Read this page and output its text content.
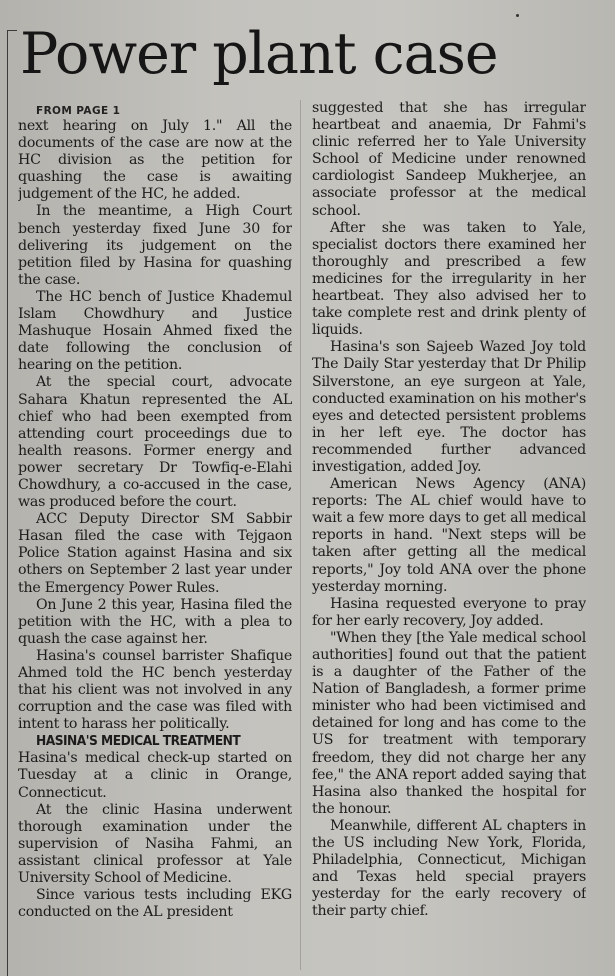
Power plant case

FROM PAGE 1

next hearing on July 1." All the documents of the case are now at the HC division as the petition for quashing the case is awaiting judgement of the HC, he added.

In the meantime, a High Court bench yesterday fixed June 30 for delivering its judgement on the petition filed by Hasina for quashing the case.

The HC bench of Justice Khademul Islam Chowdhury and Justice Mashuque Hosain Ahmed fixed the date following the conclusion of hearing on the petition.

At the special court, advocate Sahara Khatun represented the AL chief who had been exempted from attending court proceedings due to health reasons. Former energy and power secretary Dr Towfiq-e-Elahi Chowdhury, a co-accused in the case, was produced before the court.

ACC Deputy Director SM Sabbir Hasan filed the case with Tejgaon Police Station against Hasina and six others on September 2 last year under the Emergency Power Rules.

On June 2 this year, Hasina filed the petition with the HC, with a plea to quash the case against her.

Hasina's counsel barrister Shafique Ahmed told the HC bench yesterday that his client was not involved in any corruption and the case was filed with intent to harass her politically.

HASINA'S MEDICAL TREATMENT

Hasina's medical check-up started on Tuesday at a clinic in Orange, Connecticut.

At the clinic Hasina underwent thorough examination under the supervision of Nasiha Fahmi, an assistant clinical professor at Yale University School of Medicine.

Since various tests including EKG conducted on the AL president

suggested that she has irregular heartbeat and anaemia, Dr Fahmi's clinic referred her to Yale University School of Medicine under renowned cardiologist Sandeep Mukherjee, an associate professor at the medical school.

After she was taken to Yale, specialist doctors there examined her thoroughly and prescribed a few medicines for the irregularity in her heartbeat. They also advised her to take complete rest and drink plenty of liquids.

Hasina's son Sajeeb Wazed Joy told The Daily Star yesterday that Dr Philip Silverstone, an eye surgeon at Yale, conducted examination on his mother's eyes and detected persistent problems in her left eye. The doctor has recommended further advanced investigation, added Joy.

American News Agency (ANA) reports: The AL chief would have to wait a few more days to get all medical reports in hand. "Next steps will be taken after getting all the medical reports," Joy told ANA over the phone yesterday morning.

Hasina requested everyone to pray for her early recovery, Joy added.

"When they [the Yale medical school authorities] found out that the patient is a daughter of the Father of the Nation of Bangladesh, a former prime minister who had been victimised and detained for long and has come to the US for treatment with temporary freedom, they did not charge her any fee," the ANA report added saying that Hasina also thanked the hospital for the honour.

Meanwhile, different AL chapters in the US including New York, Florida, Philadelphia, Connecticut, Michigan and Texas held special prayers yesterday for the early recovery of their party chief.
